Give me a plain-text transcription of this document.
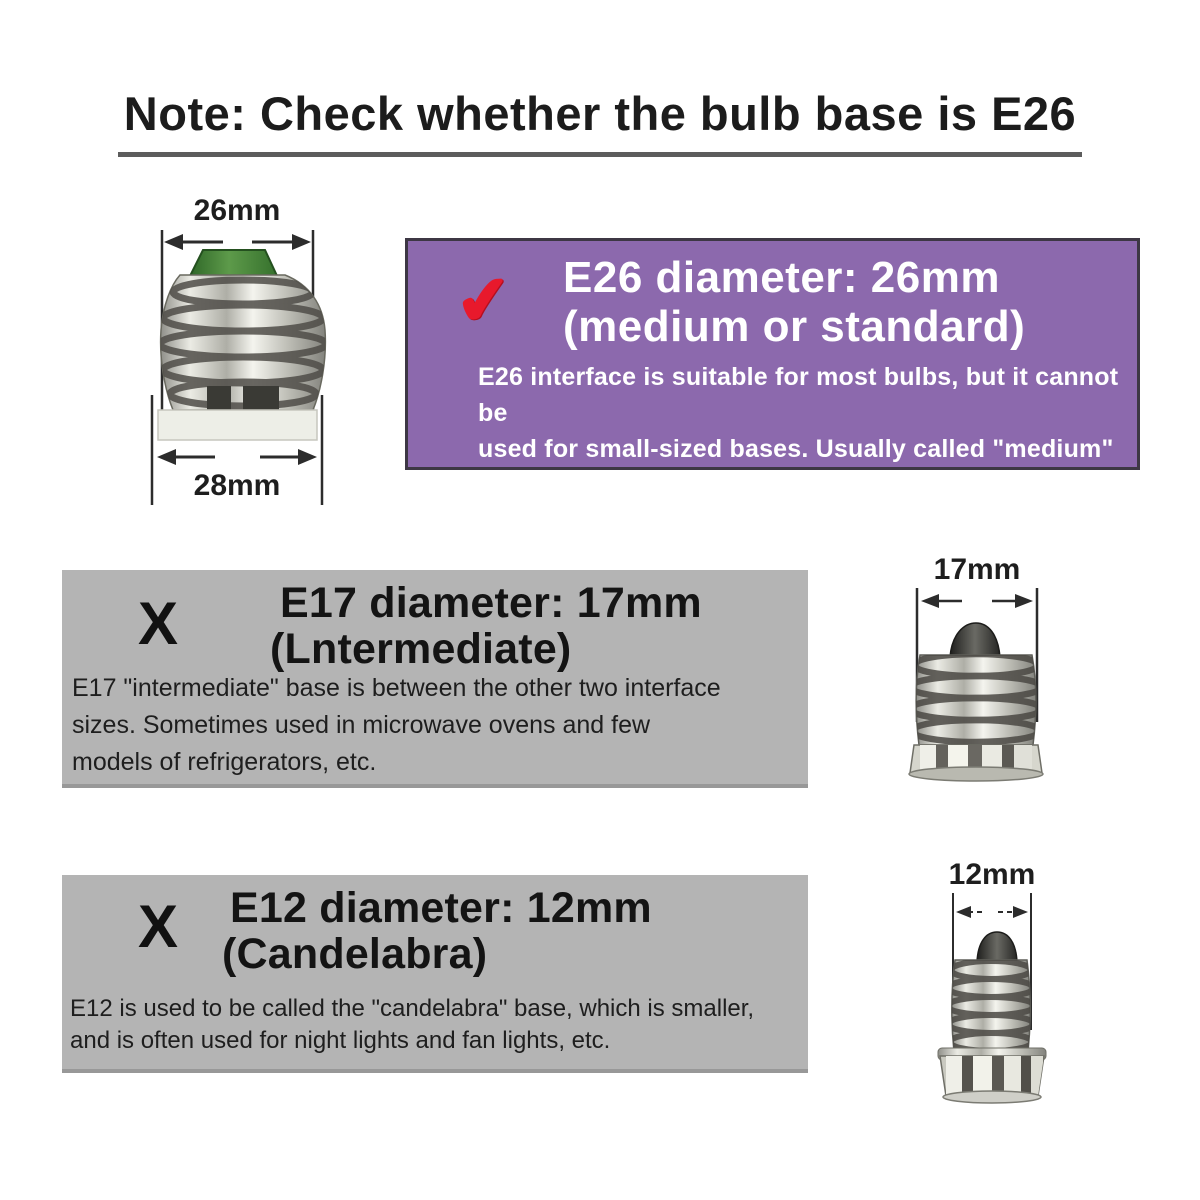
Note: Check whether the bulb base is E26
26mm
28mm
✔ E26 diameter: 26mm
(medium or standard)
E26 interface is suitable for most bulbs, but it cannot be
used for small-sized bases. Usually called "medium"
or "standard" base.
X E17 diameter: 17mm
(Lntermediate)
E17 "intermediate" base is between the other two interface
sizes. Sometimes used in microwave ovens and few
models of refrigerators, etc.
17mm
X E12 diameter: 12mm
(Candelabra)
E12 is used to be called the "candelabra" base, which is smaller,
and is often used for night lights and fan lights, etc.
12mm
